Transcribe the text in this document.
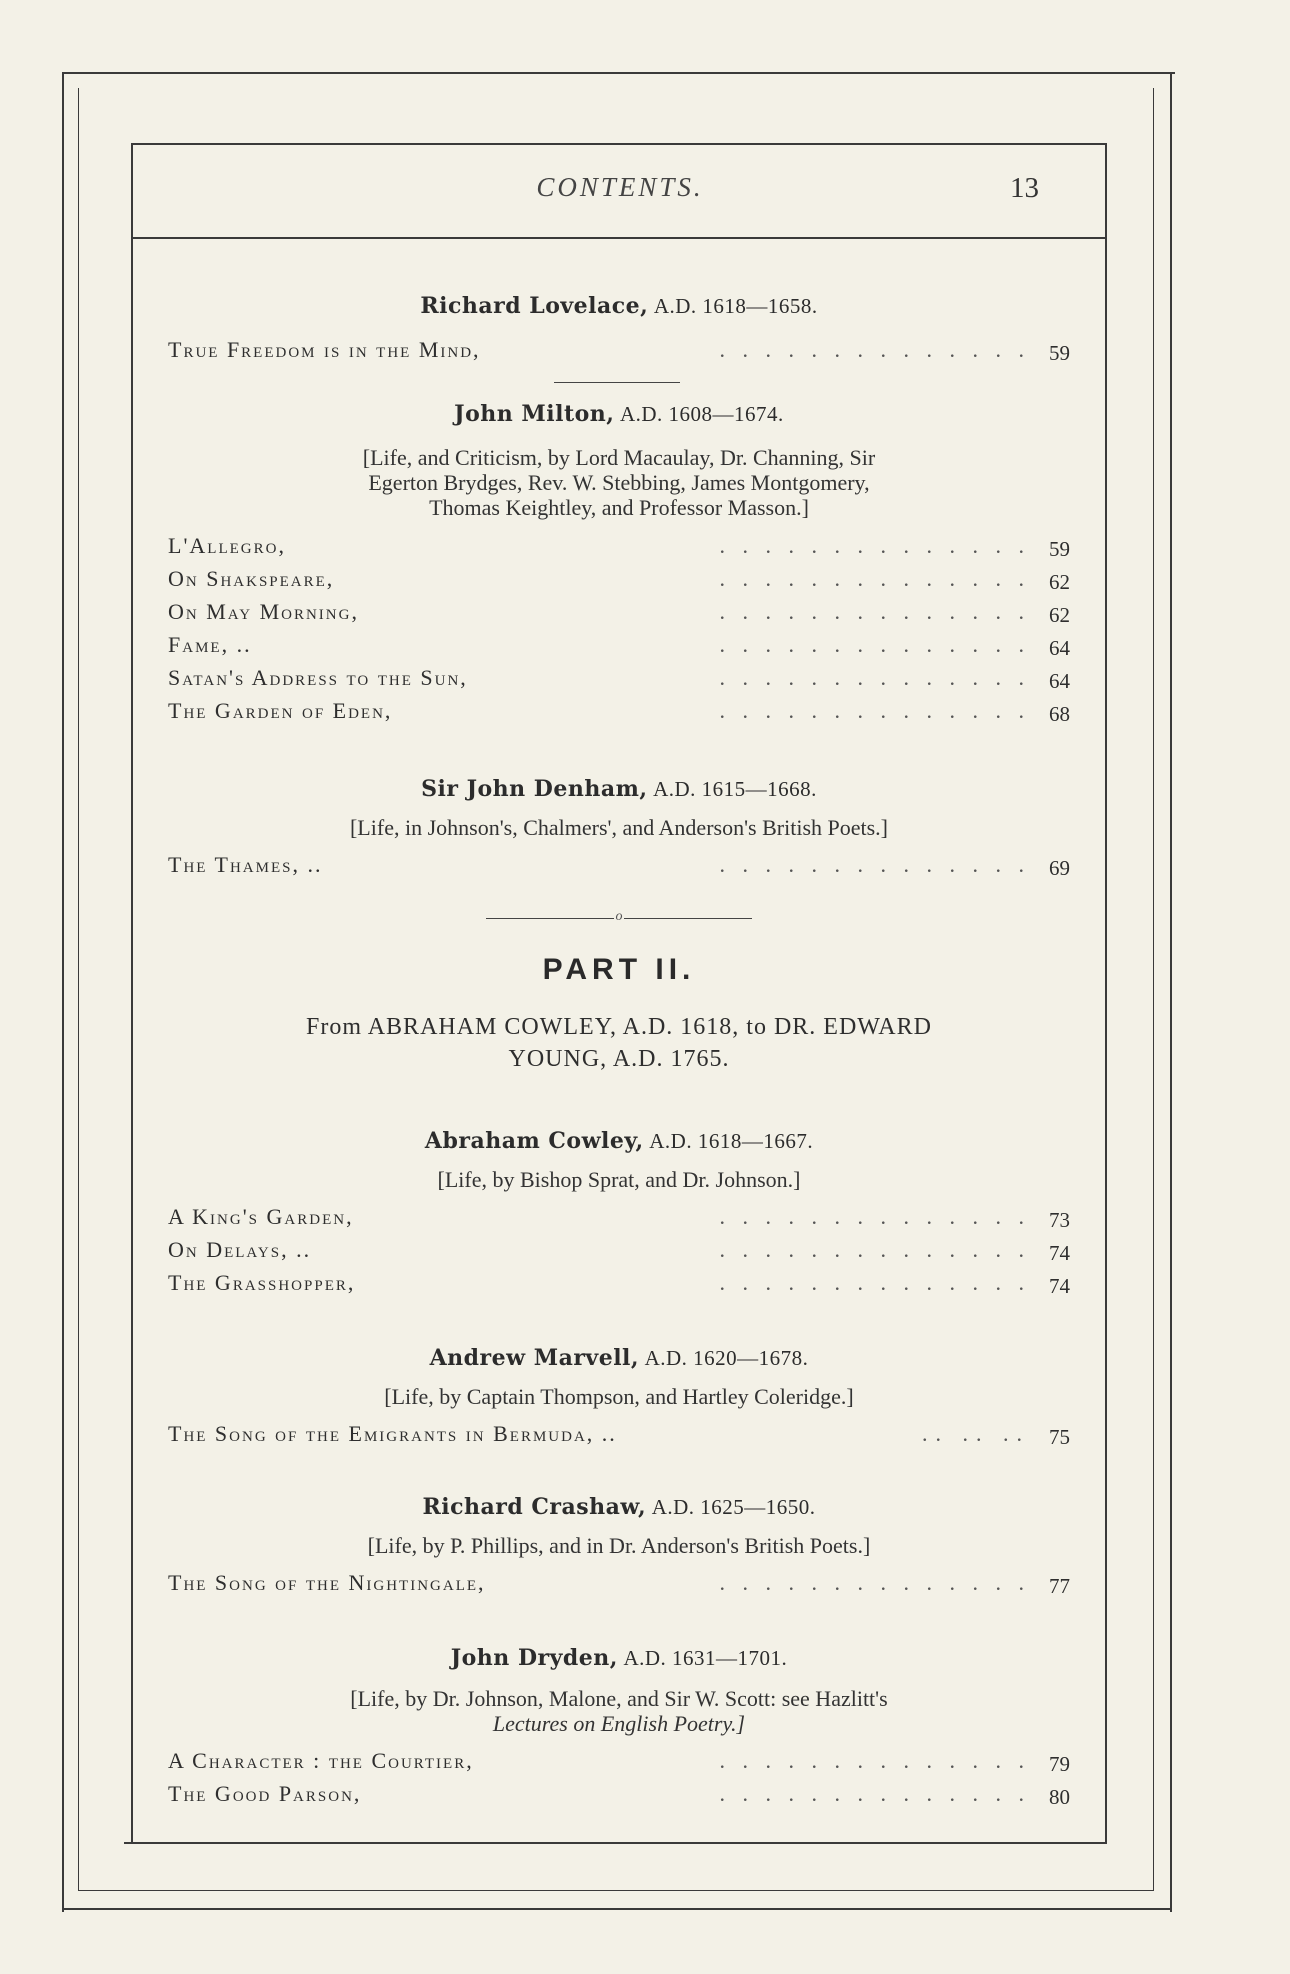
CONTENTS.	13
Richard Lovelace, A.D. 1618—1658.
True Freedom is in the Mind,	. . . . . . . . . . . . . . 59
John Milton, A.D. 1608—1674.
[Life, and Criticism, by Lord Macaulay, Dr. Channing, Sir
Egerton Brydges, Rev. W. Stebbing, James Montgomery,
Thomas Keightley, and Professor Masson.]
L'Allegro,	. . . . . . . . . . . . . . 59
On Shakspeare,	. . . . . . . . . . . . . . 62
On May Morning,	. . . . . . . . . . . . . . 62
Fame, ..	. . . . . . . . . . . . . . 64
Satan's Address to the Sun,	. . . . . . . . . . . . . . 64
The Garden of Eden,	. . . . . . . . . . . . . . 68
Sir John Denham, A.D. 1615—1668.
[Life, in Johnson's, Chalmers', and Anderson's British Poets.]
The Thames, ..	. . . . . . . . . . . . . . 69
o
PART II.
From ABRAHAM COWLEY, A.D. 1618, to DR. EDWARD
YOUNG, A.D. 1765.
Abraham Cowley, A.D. 1618—1667.
[Life, by Bishop Sprat, and Dr. Johnson.]
A King's Garden,	. . . . . . . . . . . . . . 73
On Delays, ..	. . . . . . . . . . . . . . 74
The Grasshopper,	. . . . . . . . . . . . . . 74
Andrew Marvell, A.D. 1620—1678.
[Life, by Captain Thompson, and Hartley Coleridge.]
The Song of the Emigrants in Bermuda, ..	.. .. .. 75
Richard Crashaw, A.D. 1625—1650.
[Life, by P. Phillips, and in Dr. Anderson's British Poets.]
The Song of the Nightingale,	. . . . . . . . . . . . . . 77
John Dryden, A.D. 1631—1701.
[Life, by Dr. Johnson, Malone, and Sir W. Scott: see Hazlitt's
Lectures on English Poetry.]
A Character : the Courtier,	. . . . . . . . . . . . . . 79
The Good Parson,	. . . . . . . . . . . . . . 80
